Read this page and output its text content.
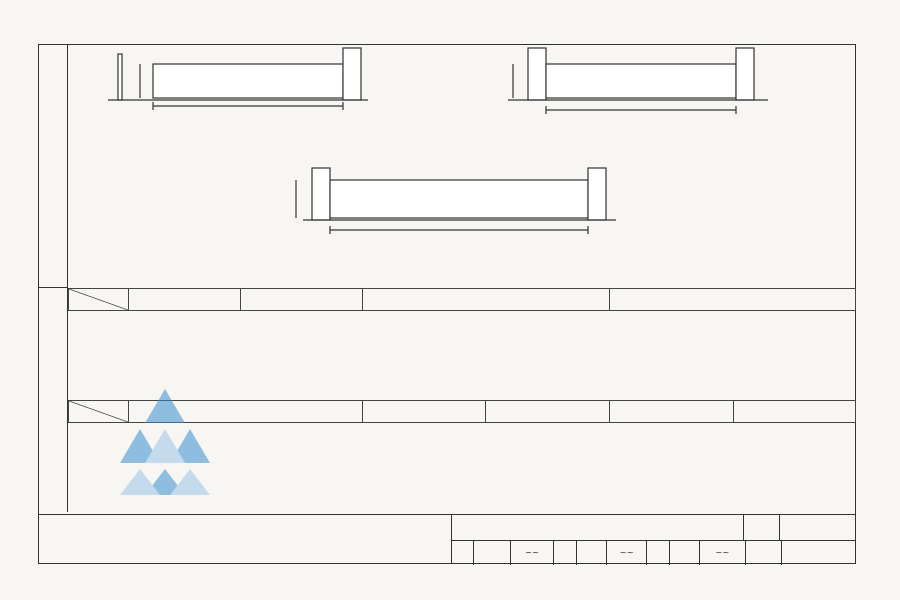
~~	~~	~~
